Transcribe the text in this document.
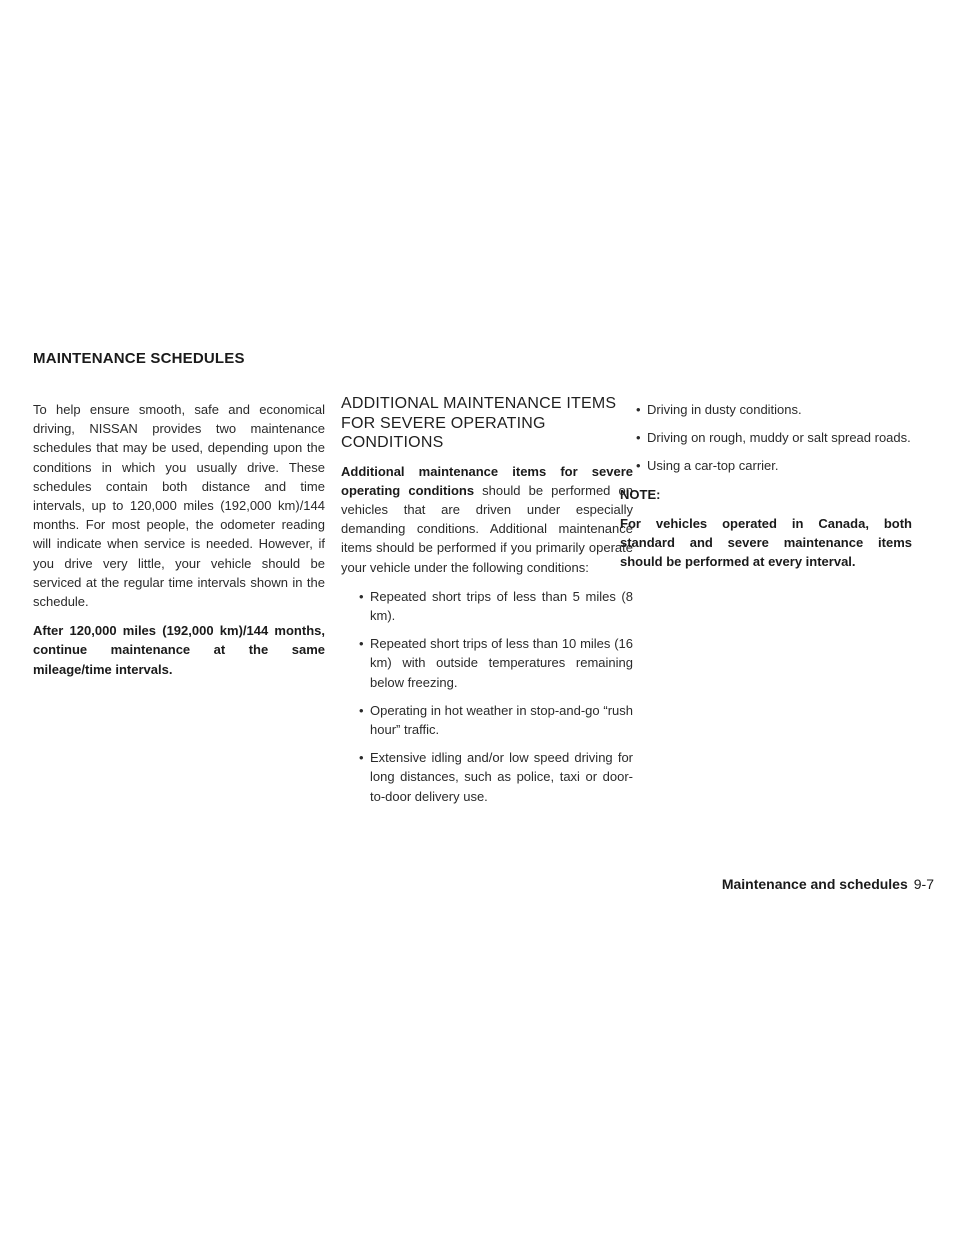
MAINTENANCE SCHEDULES

To help ensure smooth, safe and economical driving, NISSAN provides two maintenance schedules that may be used, depending upon the conditions in which you usually drive. These schedules contain both distance and time intervals, up to 120,000 miles (192,000 km)/144 months. For most people, the odometer reading will indicate when service is needed. However, if you drive very little, your vehicle should be serviced at the regular time intervals shown in the schedule.

After 120,000 miles (192,000 km)/144 months, continue maintenance at the same mileage/time intervals.

ADDITIONAL MAINTENANCE ITEMS FOR SEVERE OPERATING CONDITIONS

Additional maintenance items for severe operating conditions should be performed on vehicles that are driven under especially demanding conditions. Additional maintenance items should be performed if you primarily operate your vehicle under the following conditions:

• Repeated short trips of less than 5 miles (8 km).
• Repeated short trips of less than 10 miles (16 km) with outside temperatures remaining below freezing.
• Operating in hot weather in stop-and-go “rush hour” traffic.
• Extensive idling and/or low speed driving for long distances, such as police, taxi or door-to-door delivery use.
• Driving in dusty conditions.
• Driving on rough, muddy or salt spread roads.
• Using a car-top carrier.

NOTE:

For vehicles operated in Canada, both standard and severe maintenance items should be performed at every interval.

Maintenance and schedules 9-7
